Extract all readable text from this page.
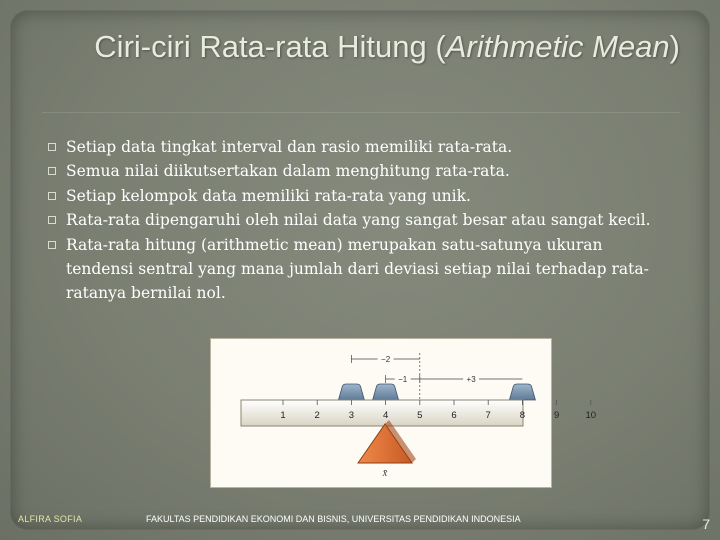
Ciri-ciri Rata-rata Hitung (Arithmetic Mean)
Setiap data tingkat interval dan rasio memiliki rata-rata.
Semua nilai diikutsertakan dalam menghitung rata-rata.
Setiap kelompok data memiliki rata-rata yang unik.
Rata-rata dipengaruhi oleh nilai data yang sangat besar atau sangat kecil.
Rata-rata hitung (arithmetic mean) merupakan satu-satunya ukuran tendensi sentral yang mana jumlah dari deviasi setiap nilai terhadap rata-ratanya bernilai nol.
−2
−1	+3
1	2	3	4	5	6	7	8	9	10
x̄
ALFIRA SOFIA	FAKULTAS PENDIDIKAN EKONOMI DAN BISNIS, UNIVERSITAS PENDIDIKAN INDONESIA	7
